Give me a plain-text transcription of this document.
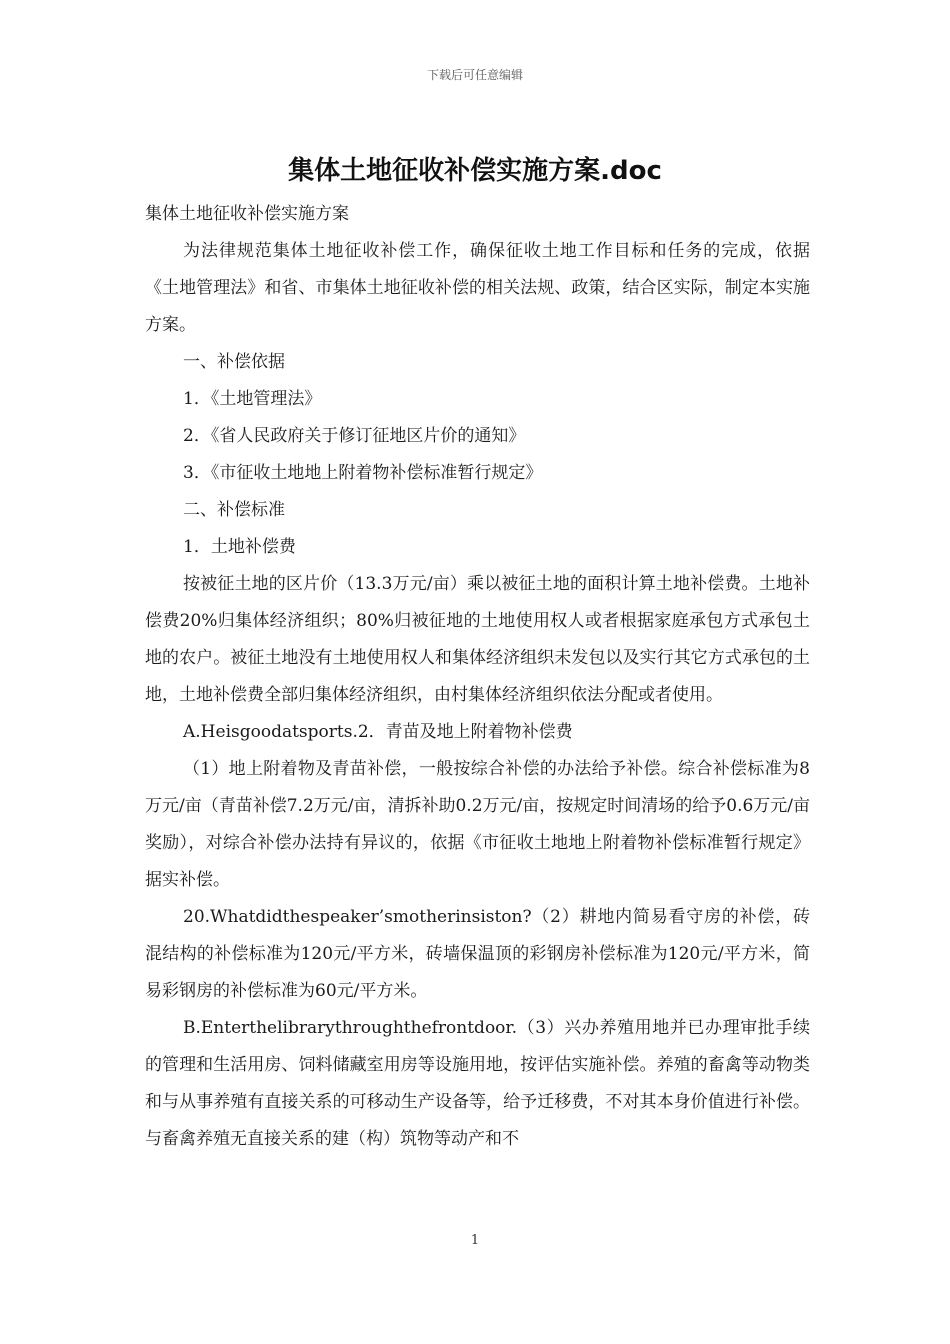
下载后可任意编辑
集体土地征收补偿实施方案.doc

集体土地征收补偿实施方案

为法律规范集体土地征收补偿工作，确保征收土地工作目标和任务的完成，依据《土地管理法》和省、市集体土地征收补偿的相关法规、政策，结合区实际，制定本实施方案。

一、补偿依据

1．《土地管理法》

2．《省人民政府关于修订征地区片价的通知》

3．《市征收土地地上附着物补偿标准暂行规定》

二、补偿标准

1．土地补偿费

按被征土地的区片价（13.3万元/亩）乘以被征土地的面积计算土地补偿费。土地补偿费20%归集体经济组织；80%归被征地的土地使用权人或者根据家庭承包方式承包土地的农户。被征土地没有土地使用权人和集体经济组织未发包以及实行其它方式承包的土地，土地补偿费全部归集体经济组织，由村集体经济组织依法分配或者使用。

A.Heisgoodatsports.2．青苗及地上附着物补偿费

（1）地上附着物及青苗补偿，一般按综合补偿的办法给予补偿。综合补偿标准为8万元/亩（青苗补偿7.2万元/亩，清拆补助0.2万元/亩，按规定时间清场的给予0.6万元/亩奖励），对综合补偿办法持有异议的，依据《市征收土地地上附着物补偿标准暂行规定》据实补偿。

20.Whatdidthespeaker’smotherinsiston?（2）耕地内简易看守房的补偿，砖混结构的补偿标准为120元/平方米，砖墙保温顶的彩钢房补偿标准为120元/平方米，简易彩钢房的补偿标准为60元/平方米。

B.Enterthelibrarythroughthefrontdoor.（3）兴办养殖用地并已办理审批手续的管理和生活用房、饲料储藏室用房等设施用地，按评估实施补偿。养殖的畜禽等动物类和与从事养殖有直接关系的可移动生产设备等，给予迁移费，不对其本身价值进行补偿。与畜禽养殖无直接关系的建（构）筑物等动产和不

1
